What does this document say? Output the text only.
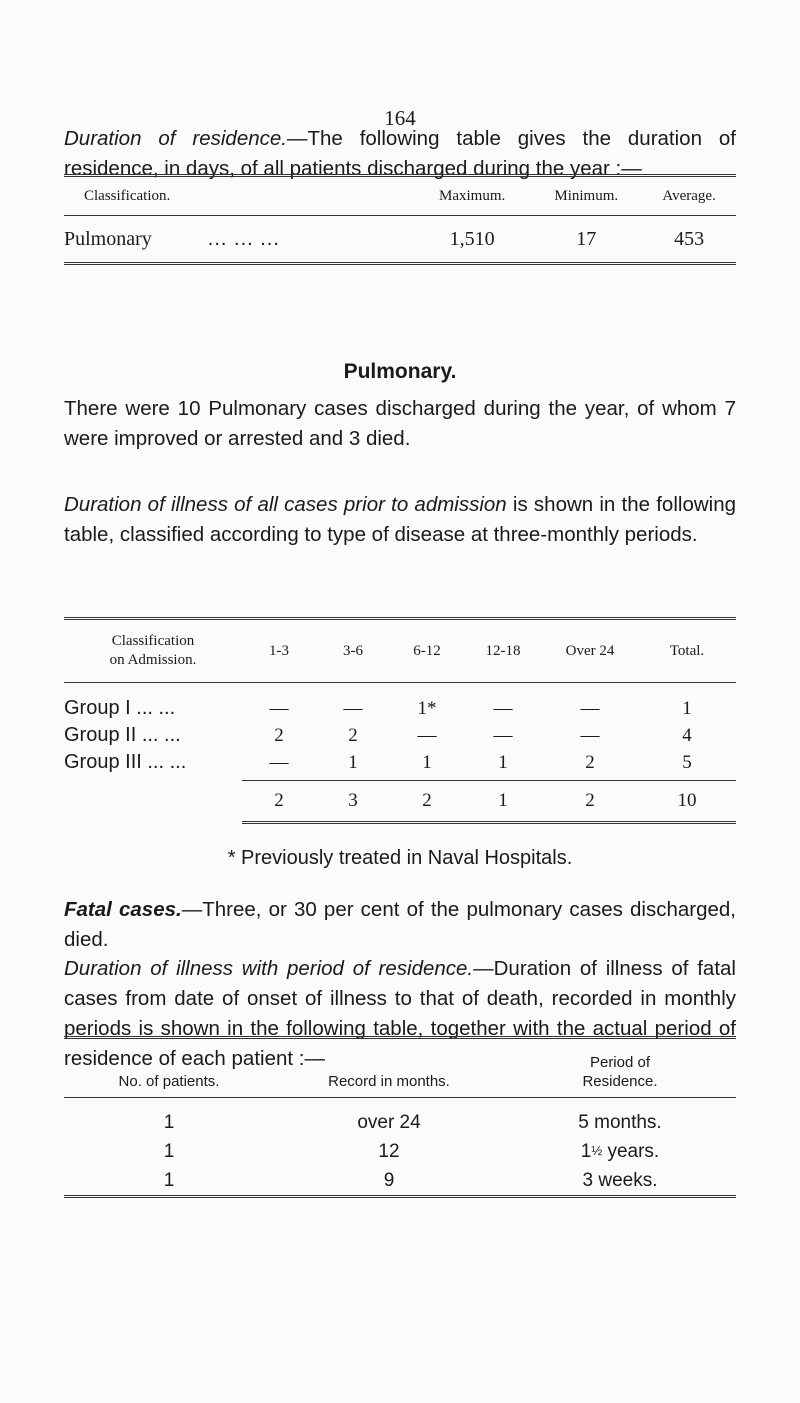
164

Duration of residence.—The following table gives the duration of residence, in days, of all patients discharged during the year :—

Classification.	Maximum.	Minimum.	Average.
Pulmonary ... ... ...	1,510	17	453
Pulmonary.

There were 10 Pulmonary cases discharged during the year, of whom 7 were improved or arrested and 3 died.

Duration of illness of all cases prior to admission is shown in the following table, classified according to type of disease at three-monthly periods.

Classification
on Admission.	1-3	3-6	6-12	12-18	Over 24	Total.
Group I ... ...	—	—	1*	—	—	1
Group II ... ...	2	2	—	—	—	4
Group III ... ...	—	1	1	1	2	5
	2	3	2	1	2	10
* Previously treated in Naval Hospitals.

Fatal cases.—Three, or 30 per cent of the pulmonary cases discharged, died.

Duration of illness with period of residence.—Duration of illness of fatal cases from date of onset of illness to that of death, recorded in monthly periods is shown in the following table, together with the actual period of residence of each patient :—

No. of patients.	Record in months.	Period of
Residence.
1	over 24	5 months.
1	12	1½ years.
1	9	3 weeks.
